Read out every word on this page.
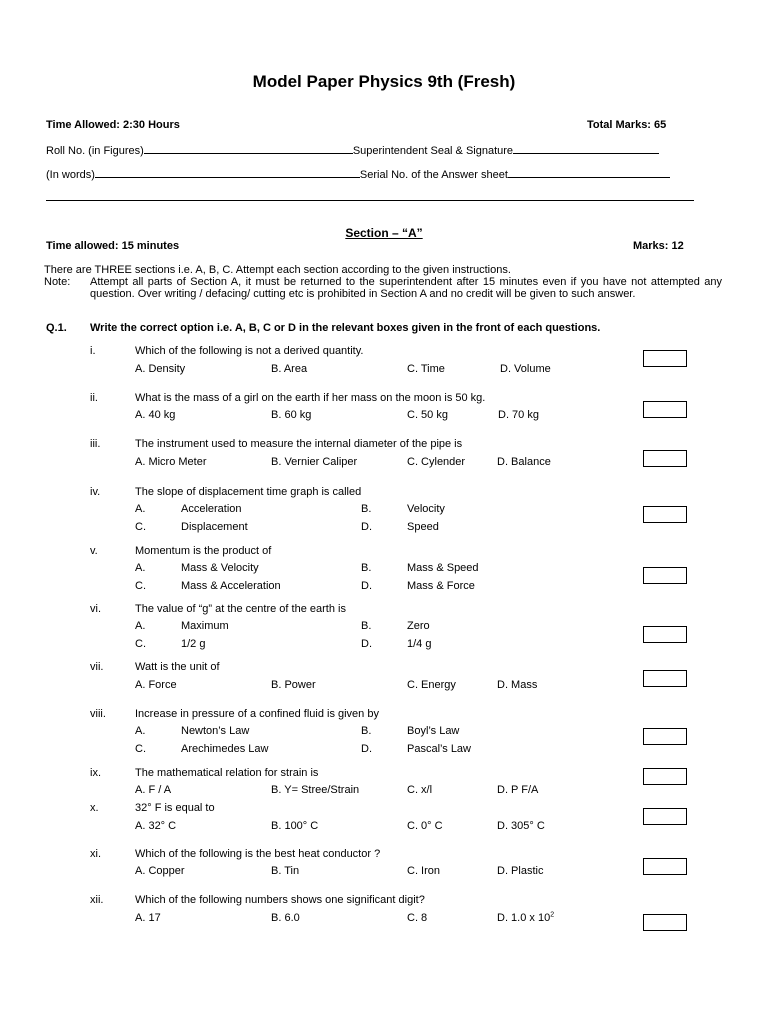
Model Paper Physics 9th (Fresh)
Time Allowed: 2:30 Hours	Total Marks: 65
Roll No. (in Figures)	Superintendent Seal & Signature
(In words)	Serial No. of the Answer sheet
Section – “A”
Time allowed: 15 minutes	Marks: 12
There are THREE sections i.e. A, B, C. Attempt each section according to the given instructions.
Note: Attempt all parts of Section A, it must be returned to the superintendent after 15 minutes even if you have not attempted any question. Over writing / defacing/ cutting etc is prohibited in Section A and no credit will be given to such answer.
Q.1. Write the correct option i.e. A, B, C or D in the relevant boxes given in the front of each questions.
i.	Which of the following is not a derived quantity.
A. Density	B. Area	C. Time	D. Volume
ii.	What is the mass of a girl on the earth if her mass on the moon is 50 kg.
A. 40 kg	B. 60 kg	C. 50 kg	D. 70 kg
iii.	The instrument used to measure the internal diameter of the pipe is
A. Micro Meter	B. Vernier Caliper	C. Cylender	D. Balance
iv.	The slope of displacement time graph is called
A.	Acceleration	B.	Velocity
C.	Displacement	D.	Speed
v.	Momentum is the product of
A.	Mass & Velocity	B.	Mass & Speed
C.	Mass & Acceleration	D.	Mass & Force
vi.	The value of “g” at the centre of the earth is
A.	Maximum	B.	Zero
C.	1/2 g	D.	1/4 g
vii.	Watt is the unit of
A. Force	B. Power	C. Energy	D. Mass
viii.	Increase in pressure of a confined fluid is given by
A.	Newton’s Law	B.	Boyl’s Law
C.	Arechimedes Law	D.	Pascal’s Law
ix.	The mathematical relation for strain is
A. F / A	B. Y= Stree/Strain	C. x/l	D. P F/A
x.	32° F is equal to
A. 32° C	B. 100° C	C. 0° C	D. 305° C
xi.	Which of the following is the best heat conductor ?
A. Copper	B. Tin	C. Iron	D. Plastic
xii.	Which of the following numbers shows one significant digit?
A. 17	B. 6.0	C. 8	D. 1.0 x $10^2$
